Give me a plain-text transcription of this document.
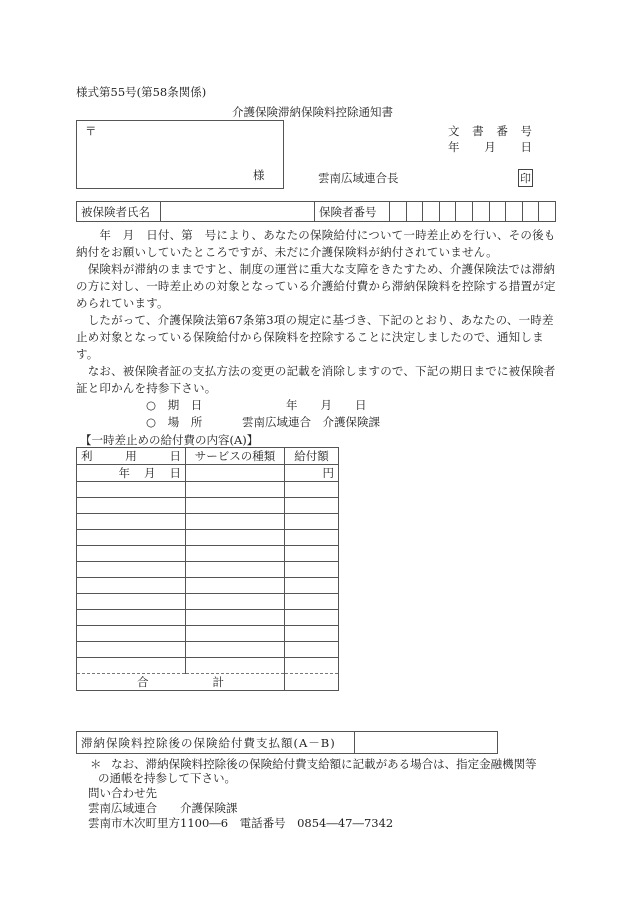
様式第55号(第58条関係)
介護保険滞納保険料控除通知書
〒
様
文 書 番 号
年 月 日
雲南広域連合長	印
被保険者氏名		保険者番号										

　　年　月　日付、第　号により、あなたの保険給付について一時差止めを行い、その後も納付をお願いしていたところですが、未だに介護保険料が納付されていません。

　保険料が滞納のままですと、制度の運営に重大な支障をきたすため、介護保険法では滞納の方に対し、一時差止めの対象となっている介護給付費から滞納保険料を控除する措置が定められています。

　したがって、介護保険法第67条第3項の規定に基づき、下記のとおり、あなたの、一時差止め対象となっている保険給付から保険料を控除することに決定しましたので、通知します。

　なお、被保険者証の支払方法の変更の記載を消除しますので、下記の期日までに被保険者証と印かんを持参下さい。

○ 期　日	年　　月　　日
○ 場　所	雲南広域連合　介護保険課
【一時差止めの給付費の内容(A)】
利 用 日	サービスの種類	給付額

年 月 日		円

合 計		

滞納保険料控除後の保険給付費支払額(A－B)	
＊ なお、滞納保険料控除後の保険給付費支給額に記載がある場合は、指定金融機関等
の通帳を持参して下さい。
問い合わせ先
雲南広域連合　　介護保険課
雲南市木次町里方1100―6　電話番号　0854―47―7342
